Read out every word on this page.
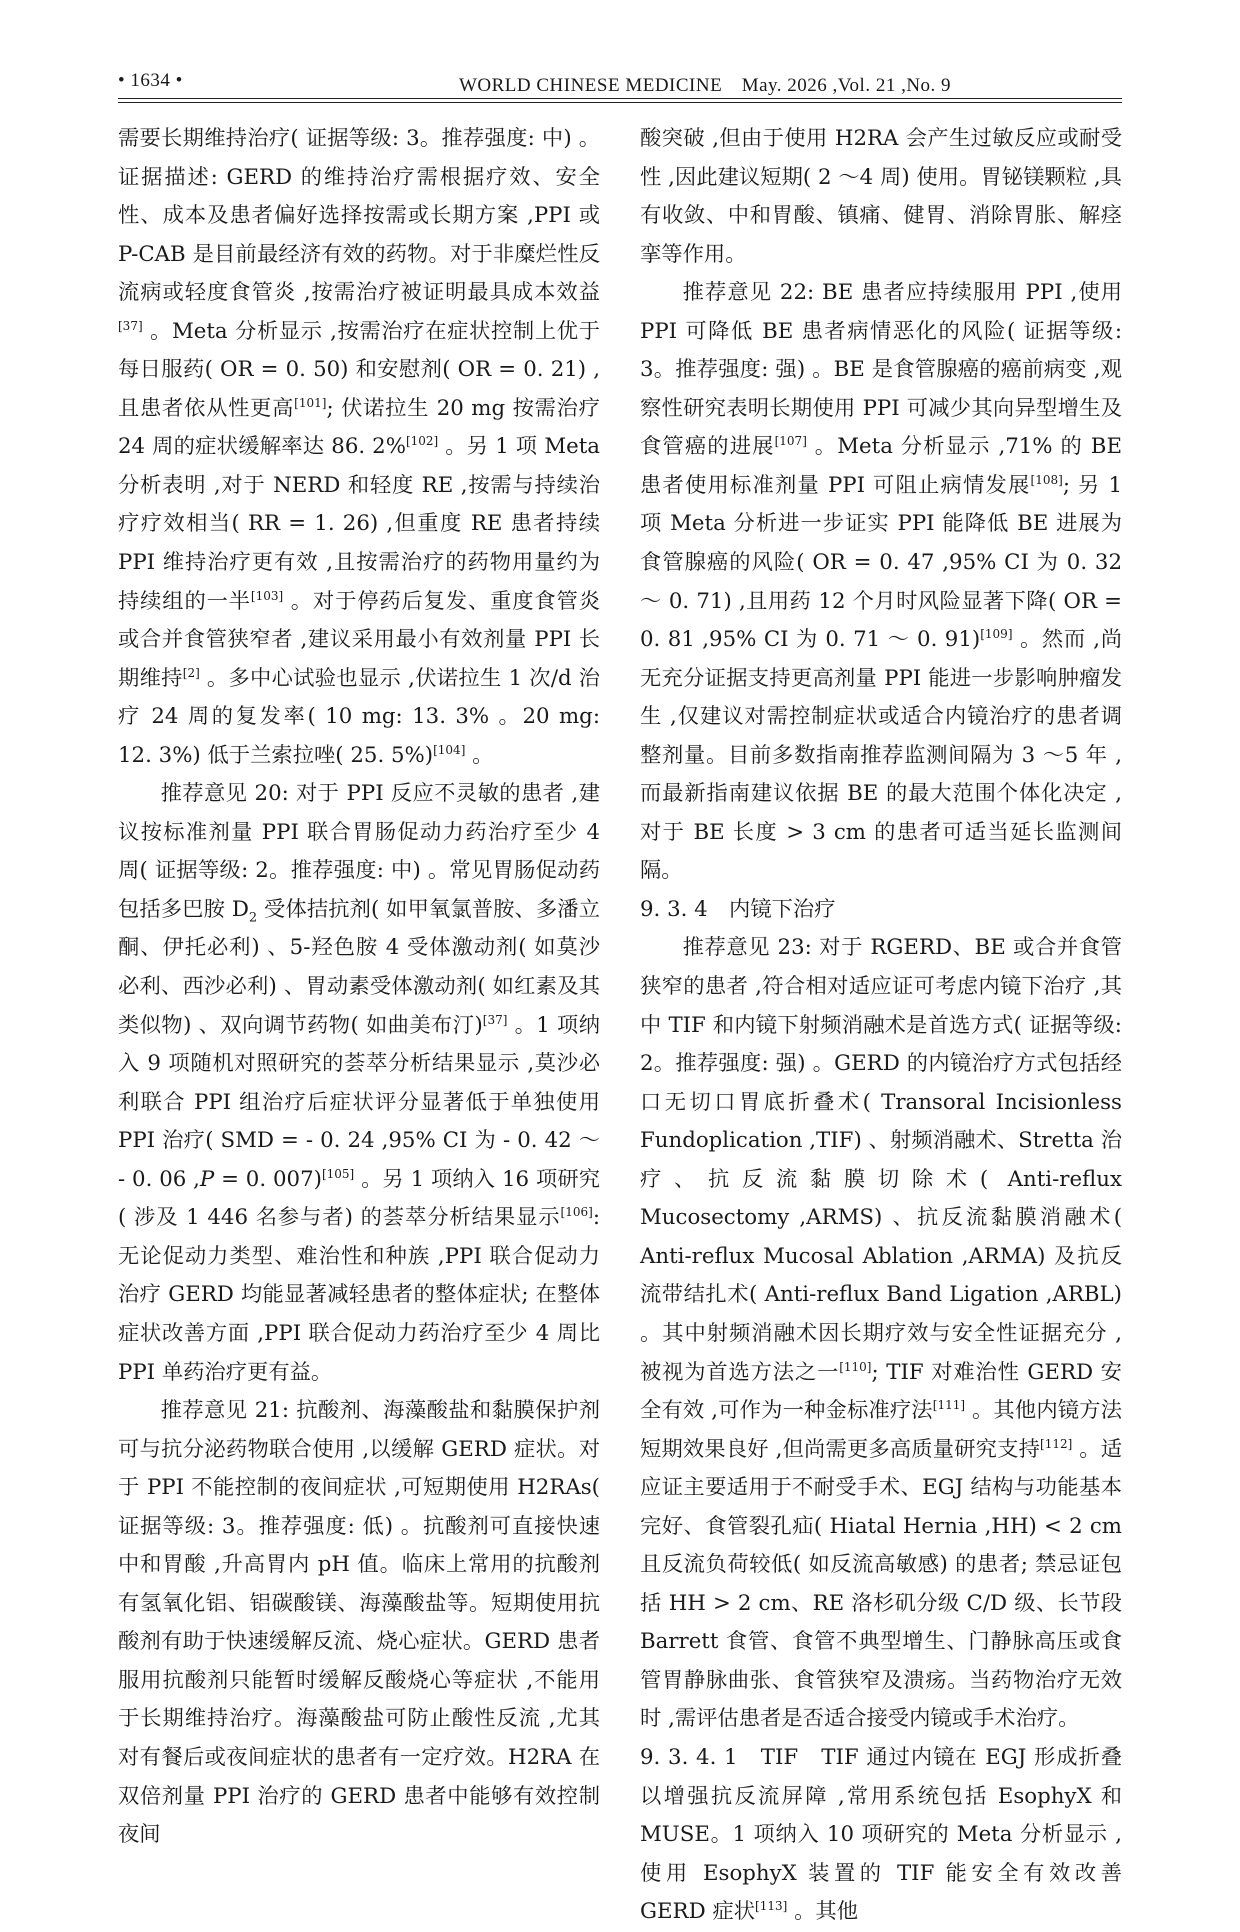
• 1634 •	WORLD CHINESE MEDICINE　May. 2026 ,Vol. 21 ,No. 9

需要长期维持治疗( 证据等级: 3。推荐强度: 中) 。证据描述: GERD 的维持治疗需根据疗效、安全性、成本及患者偏好选择按需或长期方案 ,PPI 或 P-CAB 是目前最经济有效的药物。对于非糜烂性反流病或轻度食管炎 ,按需治疗被证明最具成本效益[37] 。Meta 分析显示 ,按需治疗在症状控制上优于每日服药( OR = 0. 50) 和安慰剂( OR = 0. 21) ,且患者依从性更高[101]; 伏诺拉生 20 mg 按需治疗 24 周的症状缓解率达 86. 2%[102] 。另 1 项 Meta 分析表明 ,对于 NERD 和轻度 RE ,按需与持续治疗疗效相当( RR = 1. 26) ,但重度 RE 患者持续 PPI 维持治疗更有效 ,且按需治疗的药物用量约为持续组的一半[103] 。对于停药后复发、重度食管炎或合并食管狭窄者 ,建议采用最小有效剂量 PPI 长期维持[2] 。多中心试验也显示 ,伏诺拉生 1 次/d 治疗 24 周的复发率( 10 mg: 13. 3% 。20 mg: 12. 3%) 低于兰索拉唑( 25. 5%)[104] 。

推荐意见 20: 对于 PPI 反应不灵敏的患者 ,建议按标准剂量 PPI 联合胃肠促动力药治疗至少 4 周( 证据等级: 2。推荐强度: 中) 。常见胃肠促动药包括多巴胺 $D_2$ 受体拮抗剂( 如甲氧氯普胺、多潘立酮、伊托必利) 、5-羟色胺 4 受体激动剂( 如莫沙必利、西沙必利) 、胃动素受体激动剂( 如红素及其类似物) 、双向调节药物( 如曲美布汀)[37] 。1 项纳入 9 项随机对照研究的荟萃分析结果显示 ,莫沙必利联合 PPI 组治疗后症状评分显著低于单独使用 PPI 治疗( SMD = - 0. 24 ,95% CI 为 - 0. 42 ～ - 0. 06 ,P = 0. 007)[105] 。另 1 项纳入 16 项研究( 涉及 1 446 名参与者) 的荟萃分析结果显示[106]: 无论促动力类型、难治性和种族 ,PPI 联合促动力治疗 GERD 均能显著减轻患者的整体症状; 在整体症状改善方面 ,PPI 联合促动力药治疗至少 4 周比 PPI 单药治疗更有益。

推荐意见 21: 抗酸剂、海藻酸盐和黏膜保护剂可与抗分泌药物联合使用 ,以缓解 GERD 症状。对于 PPI 不能控制的夜间症状 ,可短期使用 H2RAs( 证据等级: 3。推荐强度: 低) 。抗酸剂可直接快速中和胃酸 ,升高胃内 pH 值。临床上常用的抗酸剂有氢氧化铝、铝碳酸镁、海藻酸盐等。短期使用抗酸剂有助于快速缓解反流、烧心症状。GERD 患者服用抗酸剂只能暂时缓解反酸烧心等症状 ,不能用于长期维持治疗。海藻酸盐可防止酸性反流 ,尤其对有餐后或夜间症状的患者有一定疗效。H2RA 在双倍剂量 PPI 治疗的 GERD 患者中能够有效控制夜间

酸突破 ,但由于使用 H2RA 会产生过敏反应或耐受性 ,因此建议短期( 2 ～4 周) 使用。胃铋镁颗粒 ,具有收敛、中和胃酸、镇痛、健胃、消除胃胀、解痉挛等作用。

推荐意见 22: BE 患者应持续服用 PPI ,使用 PPI 可降低 BE 患者病情恶化的风险( 证据等级: 3。推荐强度: 强) 。BE 是食管腺癌的癌前病变 ,观察性研究表明长期使用 PPI 可减少其向异型增生及食管癌的进展[107] 。Meta 分析显示 ,71% 的 BE 患者使用标准剂量 PPI 可阻止病情发展[108]; 另 1 项 Meta 分析进一步证实 PPI 能降低 BE 进展为食管腺癌的风险( OR = 0. 47 ,95% CI 为 0. 32 ～ 0. 71) ,且用药 12 个月时风险显著下降( OR = 0. 81 ,95% CI 为 0. 71 ～ 0. 91)[109] 。然而 ,尚无充分证据支持更高剂量 PPI 能进一步影响肿瘤发生 ,仅建议对需控制症状或适合内镜治疗的患者调整剂量。目前多数指南推荐监测间隔为 3 ～5 年 ,而最新指南建议依据 BE 的最大范围个体化决定 ,对于 BE 长度 > 3 cm 的患者可适当延长监测间隔。

9. 3. 4　内镜下治疗

推荐意见 23: 对于 RGERD、BE 或合并食管狭窄的患者 ,符合相对适应证可考虑内镜下治疗 ,其中 TIF 和内镜下射频消融术是首选方式( 证据等级: 2。推荐强度: 强) 。GERD 的内镜治疗方式包括经口无切口胃底折叠术( Transoral Incisionless Fundoplication ,TIF) 、射频消融术、Stretta 治疗、抗反流黏膜切除术( Anti-reflux Mucosectomy ,ARMS) 、抗反流黏膜消融术( Anti-reflux Mucosal Ablation ,ARMA) 及抗反流带结扎术( Anti-reflux Band Ligation ,ARBL) 。其中射频消融术因长期疗效与安全性证据充分 ,被视为首选方法之一[110]; TIF 对难治性 GERD 安全有效 ,可作为一种金标准疗法[111] 。其他内镜方法短期效果良好 ,但尚需更多高质量研究支持[112] 。适应证主要适用于不耐受手术、EGJ 结构与功能基本完好、食管裂孔疝( Hiatal Hernia ,HH) < 2 cm 且反流负荷较低( 如反流高敏感) 的患者; 禁忌证包括 HH > 2 cm、RE 洛杉矶分级 C/D 级、长节段 Barrett 食管、食管不典型增生、门静脉高压或食管胃静脉曲张、食管狭窄及溃疡。当药物治疗无效时 ,需评估患者是否适合接受内镜或手术治疗。

9. 3. 4. 1　TIF　TIF 通过内镜在 EGJ 形成折叠以增强抗反流屏障 ,常用系统包括 EsophyX 和 MUSE。1 项纳入 10 项研究的 Meta 分析显示 ,使用 EsophyX 装置的 TIF 能安全有效改善 GERD 症状[113] 。其他
